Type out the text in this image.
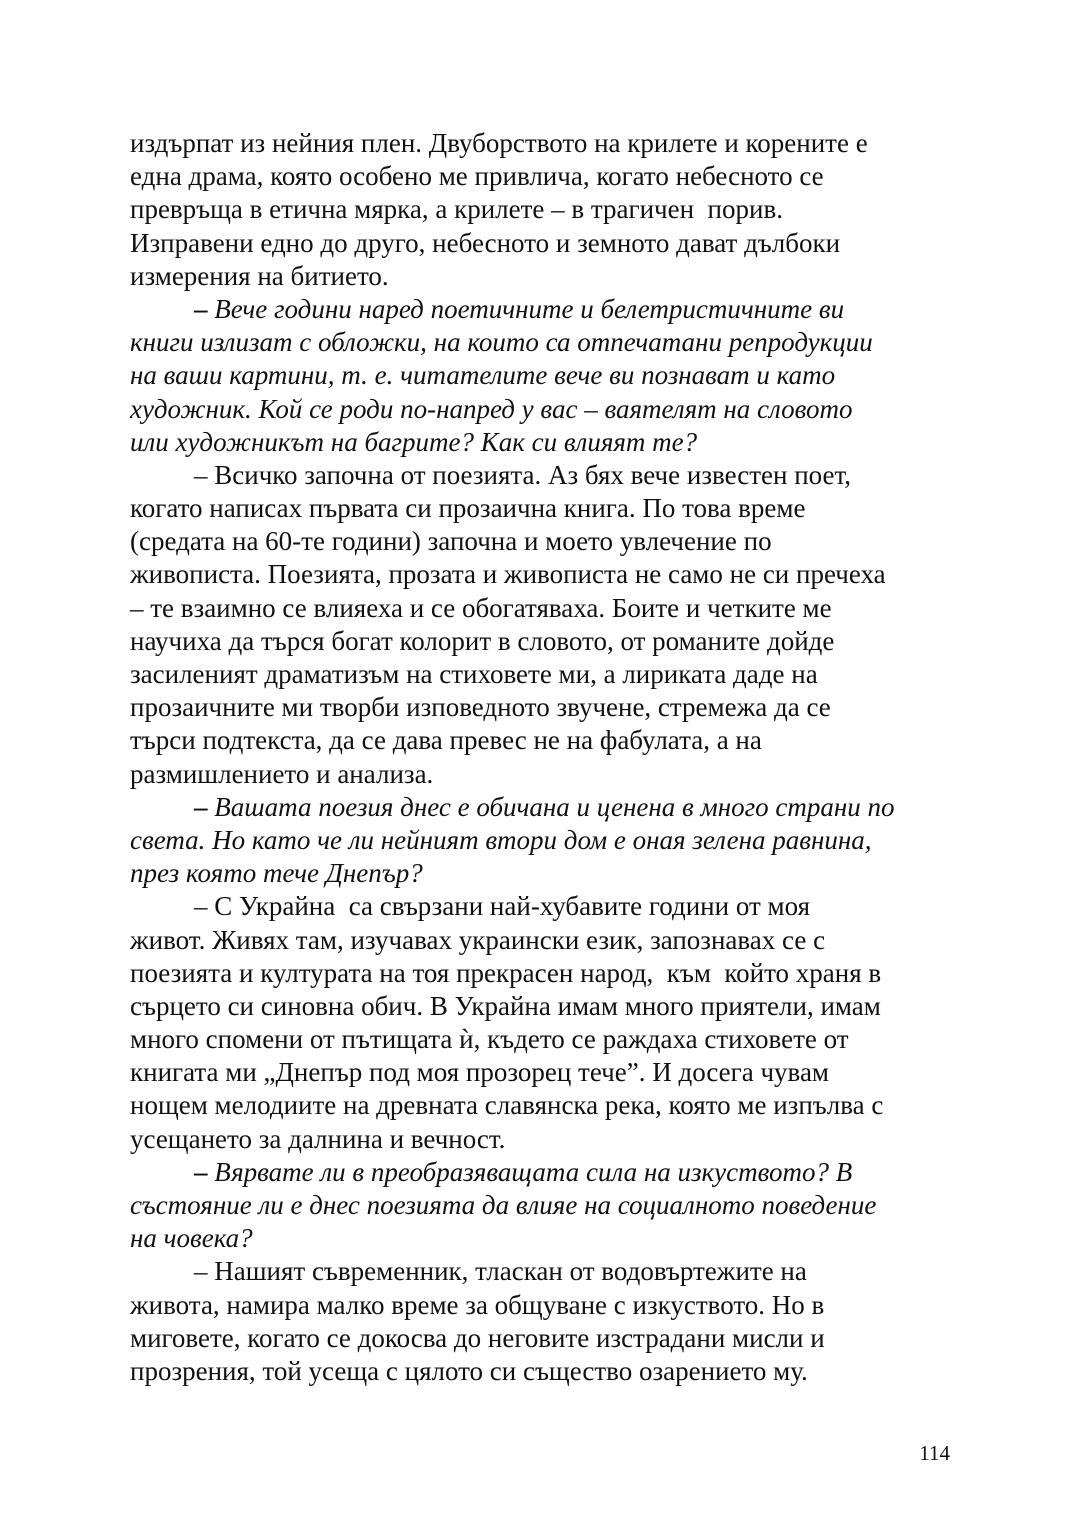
издърпат из нейния плен. Двуборството на крилете и корените е
една драма, която особено ме привлича, когато небесното се
превръща в етична мярка, а крилете – в трагичен  порив.
Изправени едно до друго, небесното и земното дават дълбоки
измерения на битието.
– Вече години наред поетичните и белетристичните ви
книги излизат с обложки, на които са отпечатани репродукции
на ваши картини, т. е. читателите вече ви познават и като
художник. Кой се роди по-напред у вас – ваятелят на словото
или художникът на багрите? Как си влияят те?
– Всичко започна от поезията. Аз бях вече известен поет,
когато написах първата си прозаична книга. По това време
(средата на 60-те години) започна и моето увлечение по
живописта. Поезията, прозата и живописта не само не си пречеха
– те взаимно се влияеха и се обогатяваха. Боите и четките ме
научиха да търся богат колорит в словото, от романите дойде
засиленият драматизъм на стиховете ми, а лириката даде на
прозаичните ми творби изповедното звучене, стремежа да се
търси подтекста, да се дава превес не на фабулата, а на
размишлението и анализа.
– Вашата поезия днес е обичана и ценена в много страни по
света. Но като че ли нейният втори дом е оная зелена равнина,
през която тече Днепър?
– С Украйна  са свързани най-хубавите години от моя
живот. Живях там, изучавах украински език, запознавах се с
поезията и културата на тоя прекрасен народ,  към  който храня в
сърцето си синовна обич. В Украйна имам много приятели, имам
много спомени от пътищата ѝ, където се раждаха стиховете от
книгата ми „Днепър под моя прозорец тече”. И досега чувам
нощем мелодиите на древната славянска река, която ме изпълва с
усещането за далнина и вечност.
– Вярвате ли в преобразяващата сила на изкуството? В
състояние ли е днес поезията да влияе на социалното поведение
на човека?
– Нашият съвременник, тласкан от водовъртежите на
живота, намира малко време за общуване с изкуството. Но в
миговете, когато се докосва до неговите изстрадани мисли и
прозрения, той усеща с цялото си същество озарението му.
114
